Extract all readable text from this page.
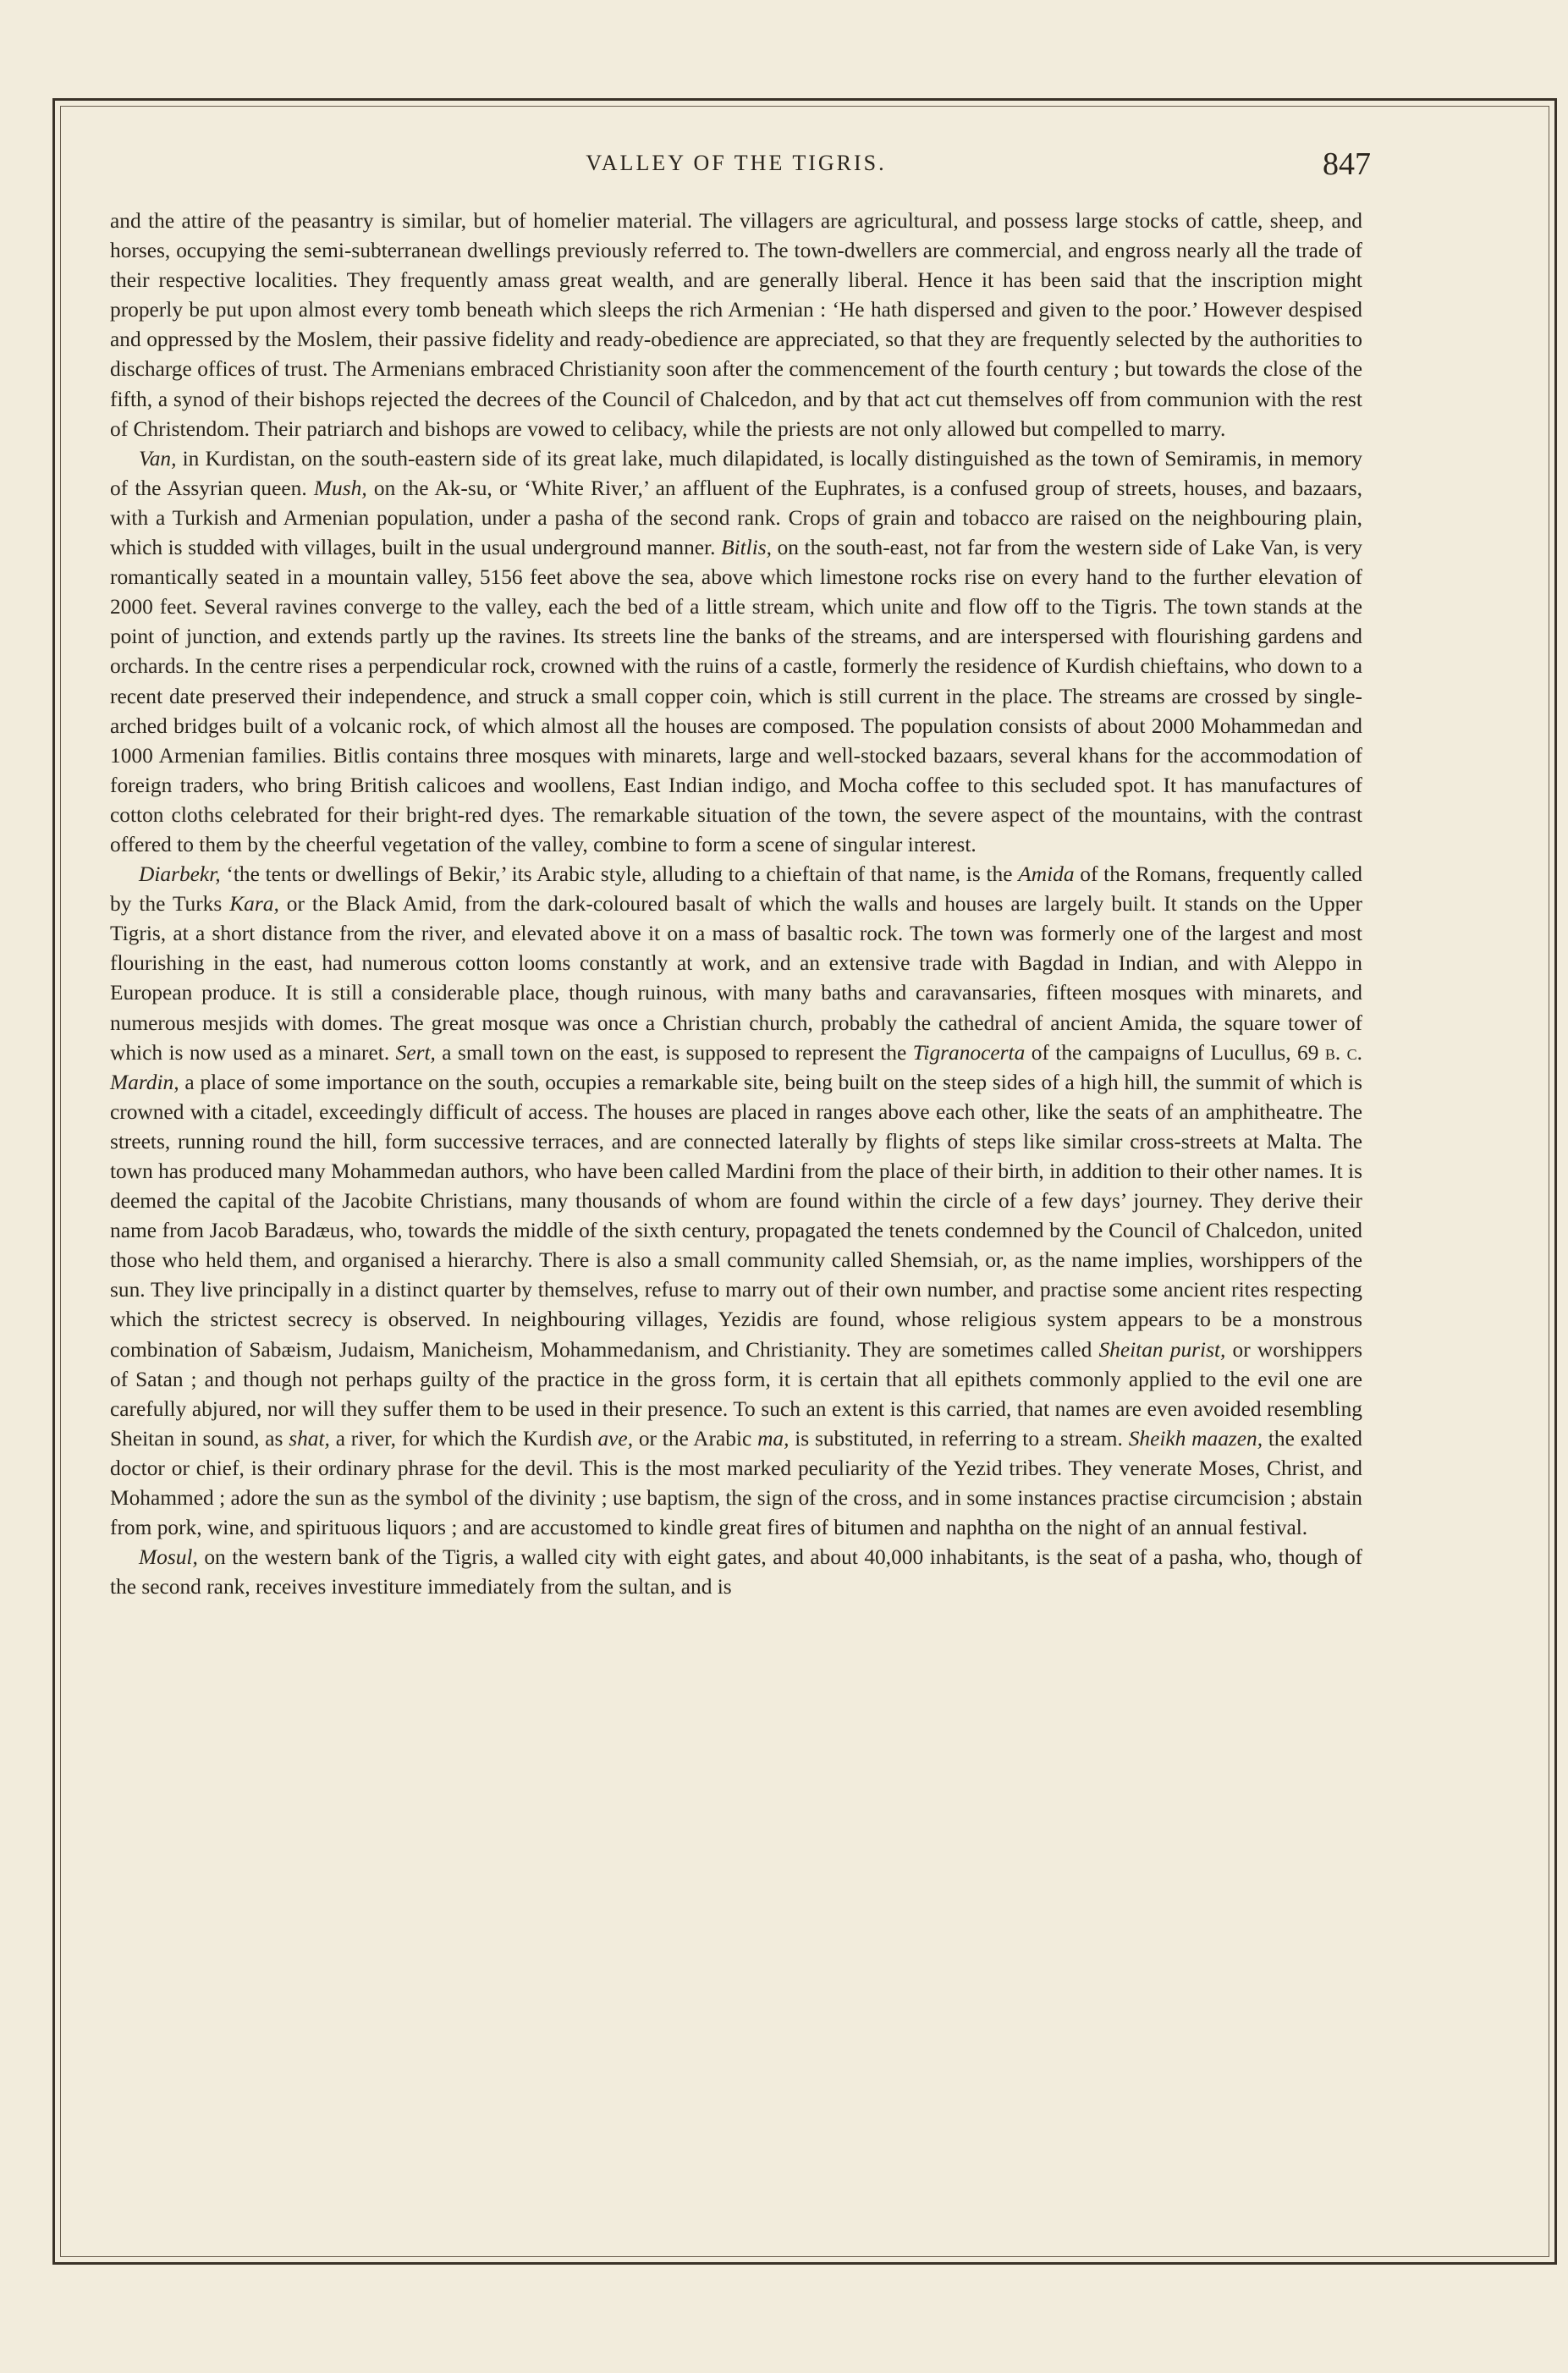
VALLEY OF THE TIGRIS.	847

and the attire of the peasantry is similar, but of homelier material. The villagers are agricultural, and possess large stocks of cattle, sheep, and horses, occupying the semi-subterranean dwellings previously referred to. The town-dwellers are commercial, and engross nearly all the trade of their respective localities. They frequently amass great wealth, and are generally liberal. Hence it has been said that the inscription might properly be put upon almost every tomb beneath which sleeps the rich Armenian : ‘He hath dispersed and given to the poor.’ However despised and oppressed by the Moslem, their passive fidelity and ready-obedience are appreciated, so that they are frequently selected by the authorities to discharge offices of trust. The Armenians embraced Christianity soon after the commencement of the fourth century ; but towards the close of the fifth, a synod of their bishops rejected the decrees of the Council of Chalcedon, and by that act cut themselves off from communion with the rest of Christendom. Their patriarch and bishops are vowed to celibacy, while the priests are not only allowed but compelled to marry.

Van, in Kurdistan, on the south-eastern side of its great lake, much dilapidated, is locally distinguished as the town of Semiramis, in memory of the Assyrian queen. Mush, on the Ak-su, or ‘White River,’ an affluent of the Euphrates, is a confused group of streets, houses, and bazaars, with a Turkish and Armenian population, under a pasha of the second rank. Crops of grain and tobacco are raised on the neighbouring plain, which is studded with villages, built in the usual underground manner. Bitlis, on the south-east, not far from the western side of Lake Van, is very romantically seated in a mountain valley, 5156 feet above the sea, above which limestone rocks rise on every hand to the further elevation of 2000 feet. Several ravines converge to the valley, each the bed of a little stream, which unite and flow off to the Tigris. The town stands at the point of junction, and extends partly up the ravines. Its streets line the banks of the streams, and are interspersed with flourishing gardens and orchards. In the centre rises a perpendicular rock, crowned with the ruins of a castle, formerly the residence of Kurdish chieftains, who down to a recent date preserved their independence, and struck a small copper coin, which is still current in the place. The streams are crossed by single-arched bridges built of a volcanic rock, of which almost all the houses are composed. The population consists of about 2000 Mohammedan and 1000 Armenian families. Bitlis contains three mosques with minarets, large and well-stocked bazaars, several khans for the accommodation of foreign traders, who bring British calicoes and woollens, East Indian indigo, and Mocha coffee to this secluded spot. It has manufactures of cotton cloths celebrated for their bright-red dyes. The remarkable situation of the town, the severe aspect of the mountains, with the contrast offered to them by the cheerful vegetation of the valley, combine to form a scene of singular interest.

Diarbekr, ‘the tents or dwellings of Bekir,’ its Arabic style, alluding to a chieftain of that name, is the Amida of the Romans, frequently called by the Turks Kara, or the Black Amid, from the dark-coloured basalt of which the walls and houses are largely built. It stands on the Upper Tigris, at a short distance from the river, and elevated above it on a mass of basaltic rock. The town was formerly one of the largest and most flourishing in the east, had numerous cotton looms constantly at work, and an extensive trade with Bagdad in Indian, and with Aleppo in European produce. It is still a considerable place, though ruinous, with many baths and caravansaries, fifteen mosques with minarets, and numerous mesjids with domes. The great mosque was once a Christian church, probably the cathedral of ancient Amida, the square tower of which is now used as a minaret. Sert, a small town on the east, is supposed to represent the Tigranocerta of the campaigns of Lucullus, 69 b. c. Mardin, a place of some importance on the south, occupies a remarkable site, being built on the steep sides of a high hill, the summit of which is crowned with a citadel, exceedingly difficult of access. The houses are placed in ranges above each other, like the seats of an amphitheatre. The streets, running round the hill, form successive terraces, and are connected laterally by flights of steps like similar cross-streets at Malta. The town has produced many Mohammedan authors, who have been called Mardini from the place of their birth, in addition to their other names. It is deemed the capital of the Jacobite Christians, many thousands of whom are found within the circle of a few days’ journey. They derive their name from Jacob Baradæus, who, towards the middle of the sixth century, propagated the tenets condemned by the Council of Chalcedon, united those who held them, and organised a hierarchy. There is also a small community called Shemsiah, or, as the name implies, worshippers of the sun. They live principally in a distinct quarter by themselves, refuse to marry out of their own number, and practise some ancient rites respecting which the strictest secrecy is observed. In neighbouring villages, Yezidis are found, whose religious system appears to be a monstrous combination of Sabæism, Judaism, Manicheism, Mohammedanism, and Christianity. They are sometimes called Sheitan purist, or worshippers of Satan ; and though not perhaps guilty of the practice in the gross form, it is certain that all epithets commonly applied to the evil one are carefully abjured, nor will they suffer them to be used in their presence. To such an extent is this carried, that names are even avoided resembling Sheitan in sound, as shat, a river, for which the Kurdish ave, or the Arabic ma, is substituted, in referring to a stream. Sheikh maazen, the exalted doctor or chief, is their ordinary phrase for the devil. This is the most marked peculiarity of the Yezid tribes. They venerate Moses, Christ, and Mohammed ; adore the sun as the symbol of the divinity ; use baptism, the sign of the cross, and in some instances practise circumcision ; abstain from pork, wine, and spirituous liquors ; and are accustomed to kindle great fires of bitumen and naphtha on the night of an annual festival.

Mosul, on the western bank of the Tigris, a walled city with eight gates, and about 40,000 inhabitants, is the seat of a pasha, who, though of the second rank, receives investiture immediately from the sultan, and is
